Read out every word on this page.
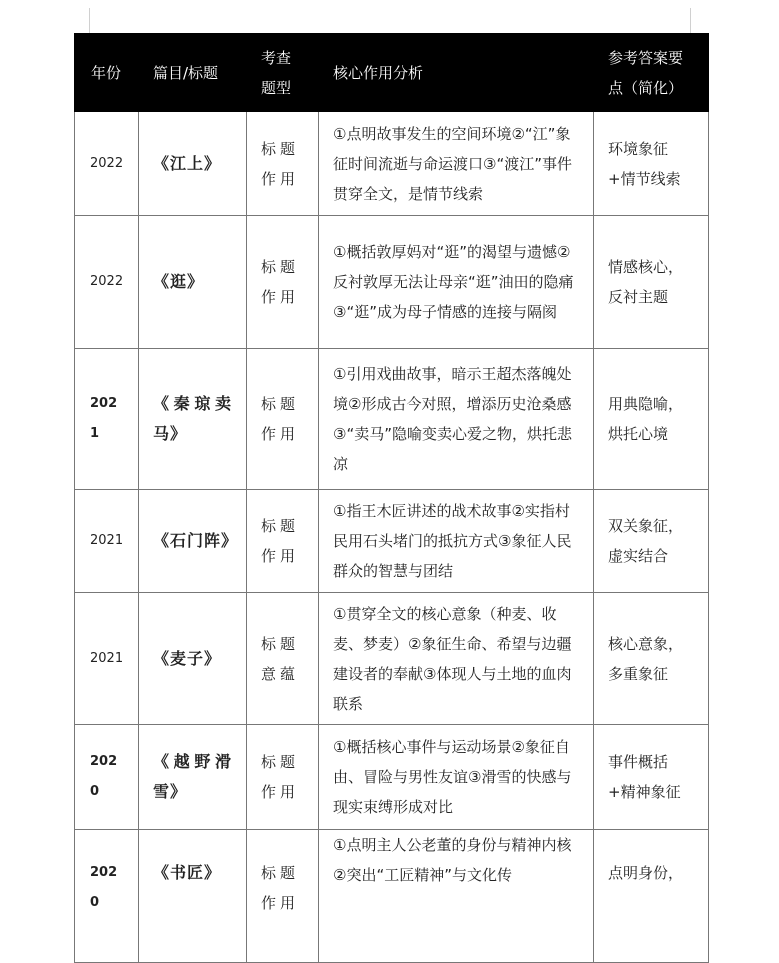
年份	篇目/标题	考查题型	核心作用分析	参考答案要点（简化）
2022	《江上》	标题作用	①点明故事发生的空间环境②“江”象征时间流逝与命运渡口③“渡江”事件贯穿全文，是情节线索	环境象征+情节线索
2022	《逛》	标题作用	①概括敦厚妈对“逛”的渴望与遗憾②反衬敦厚无法让母亲“逛”油田的隐痛③“逛”成为母子情感的连接与隔阂	情感核心，反衬主题
2021	《秦琼卖马》	标题作用	①引用戏曲故事，暗示王超杰落魄处境②形成古今对照，增添历史沧桑感③“卖马”隐喻变卖心爱之物，烘托悲凉	用典隐喻，烘托心境
2021	《石门阵》	标题作用	①指王木匠讲述的战术故事②实指村民用石头堵门的抵抗方式③象征人民群众的智慧与团结	双关象征，虚实结合
2021	《麦子》	标题意蕴	①贯穿全文的核心意象（种麦、收麦、梦麦）②象征生命、希望与边疆建设者的奉献③体现人与土地的血肉联系	核心意象，多重象征
2020	《越野滑雪》	标题作用	①概括核心事件与运动场景②象征自由、冒险与男性友谊③滑雪的快感与现实束缚形成对比	事件概括+精神象征
2020	《书匠》	标题作用	①点明主人公老董的身份与精神内核②突出“工匠精神”与文化传	点明身份，
